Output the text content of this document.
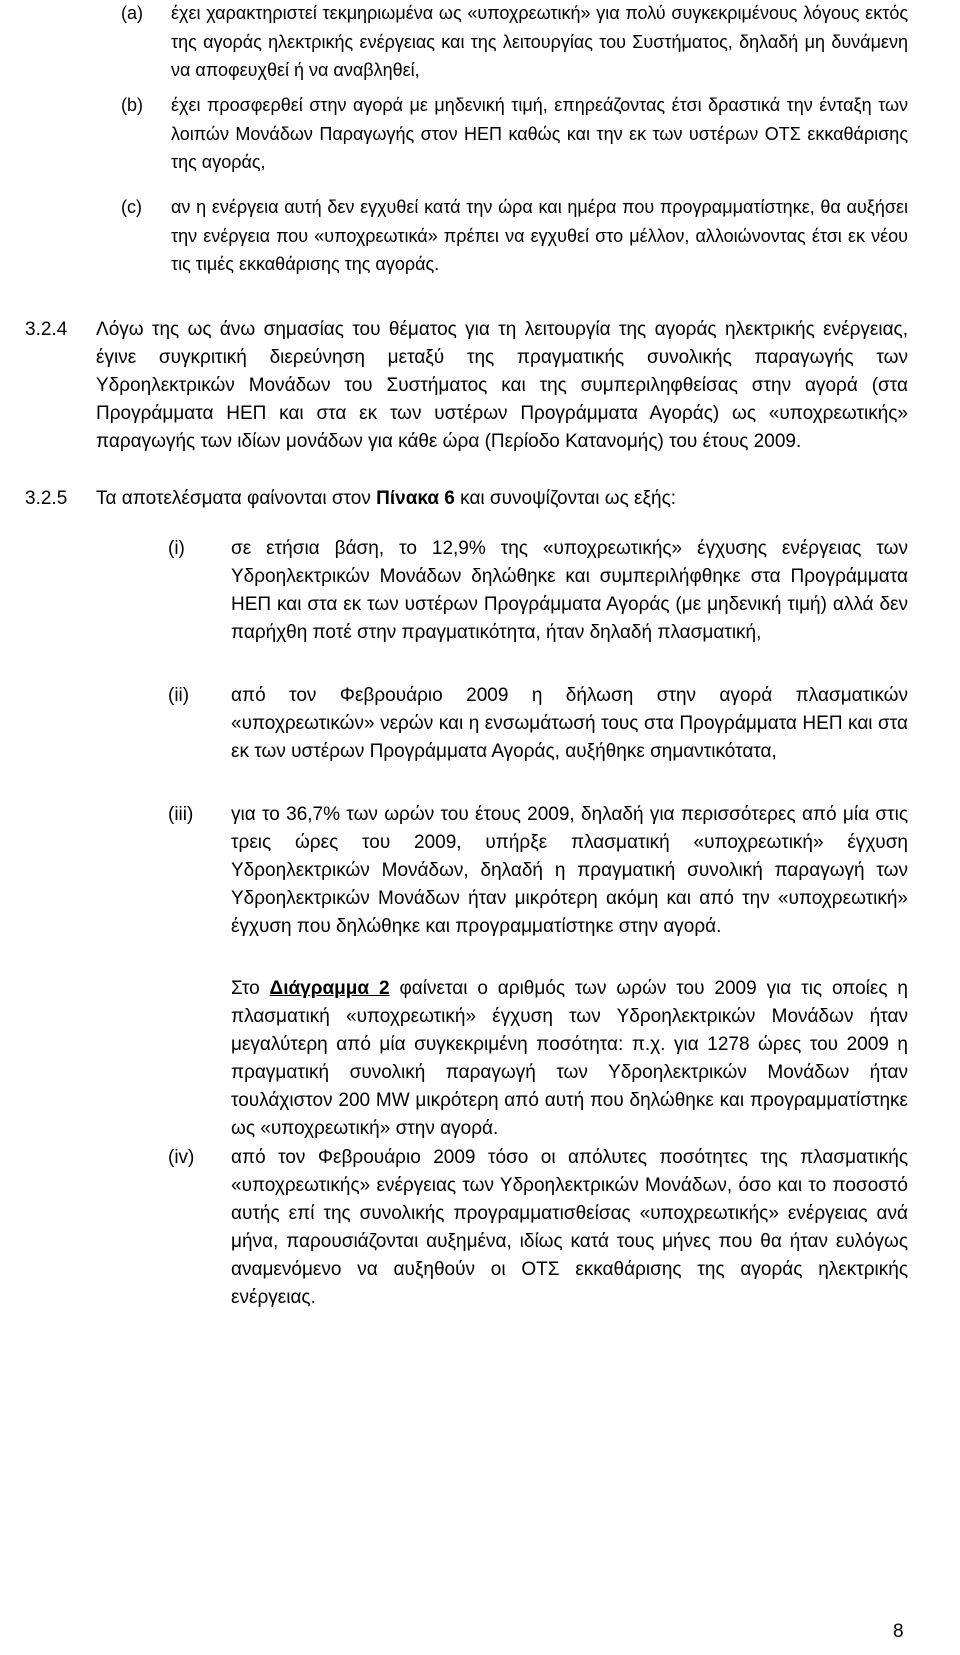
(a) έχει χαρακτηριστεί τεκμηριωμένα ως «υποχρεωτική» για πολύ συγκεκριμένους λόγους εκτός της αγοράς ηλεκτρικής ενέργειας και της λειτουργίας του Συστήματος, δηλαδή μη δυνάμενη να αποφευχθεί ή να αναβληθεί,
(b) έχει προσφερθεί στην αγορά με μηδενική τιμή, επηρεάζοντας έτσι δραστικά την ένταξη των λοιπών Μονάδων Παραγωγής στον ΗΕΠ καθώς και την εκ των υστέρων ΟΤΣ εκκαθάρισης της αγοράς,
(c) αν η ενέργεια αυτή δεν εγχυθεί κατά την ώρα και ημέρα που προγραμματίστηκε, θα αυξήσει την ενέργεια που «υποχρεωτικά» πρέπει να εγχυθεί στο μέλλον, αλλοιώνοντας έτσι εκ νέου τις τιμές εκκαθάρισης της αγοράς.
3.2.4 Λόγω της ως άνω σημασίας του θέματος για τη λειτουργία της αγοράς ηλεκτρικής ενέργειας, έγινε συγκριτική διερεύνηση μεταξύ της πραγματικής συνολικής παραγωγής των Υδροηλεκτρικών Μονάδων του Συστήματος και της συμπεριληφθείσας στην αγορά (στα Προγράμματα ΗΕΠ και στα εκ των υστέρων Προγράμματα Αγοράς) ως «υποχρεωτικής» παραγωγής των ιδίων μονάδων για κάθε ώρα (Περίοδο Κατανομής) του έτους 2009.
3.2.5 Τα αποτελέσματα φαίνονται στον Πίνακα 6 και συνοψίζονται ως εξής:
(i) σε ετήσια βάση, το 12,9% της «υποχρεωτικής» έγχυσης ενέργειας των Υδροηλεκτρικών Μονάδων δηλώθηκε και συμπεριλήφθηκε στα Προγράμματα ΗΕΠ και στα εκ των υστέρων Προγράμματα Αγοράς (με μηδενική τιμή) αλλά δεν παρήχθη ποτέ στην πραγματικότητα, ήταν δηλαδή πλασματική,
(ii) από τον Φεβρουάριο 2009 η δήλωση στην αγορά πλασματικών «υποχρεωτικών» νερών και η ενσωμάτωσή τους στα Προγράμματα ΗΕΠ και στα εκ των υστέρων Προγράμματα Αγοράς, αυξήθηκε σημαντικότατα,
(iii) για το 36,7% των ωρών του έτους 2009, δηλαδή για περισσότερες από μία στις τρεις ώρες του 2009, υπήρξε πλασματική «υποχρεωτική» έγχυση Υδροηλεκτρικών Μονάδων, δηλαδή η πραγματική συνολική παραγωγή των Υδροηλεκτρικών Μονάδων ήταν μικρότερη ακόμη και από την «υποχρεωτική» έγχυση που δηλώθηκε και προγραμματίστηκε στην αγορά.
Στο Διάγραμμα 2 φαίνεται ο αριθμός των ωρών του 2009 για τις οποίες η πλασματική «υποχρεωτική» έγχυση των Υδροηλεκτρικών Μονάδων ήταν μεγαλύτερη από μία συγκεκριμένη ποσότητα: π.χ. για 1278 ώρες του 2009 η πραγματική συνολική παραγωγή των Υδροηλεκτρικών Μονάδων ήταν τουλάχιστον 200 MW μικρότερη από αυτή που δηλώθηκε και προγραμματίστηκε ως «υποχρεωτική» στην αγορά.
(iv) από τον Φεβρουάριο 2009 τόσο οι απόλυτες ποσότητες της πλασματικής «υποχρεωτικής» ενέργειας των Υδροηλεκτρικών Μονάδων, όσο και το ποσοστό αυτής επί της συνολικής προγραμματισθείσας «υποχρεωτικής» ενέργειας ανά μήνα, παρουσιάζονται αυξημένα, ιδίως κατά τους μήνες που θα ήταν ευλόγως αναμενόμενο να αυξηθούν οι ΟΤΣ εκκαθάρισης της αγοράς ηλεκτρικής ενέργειας.
8
